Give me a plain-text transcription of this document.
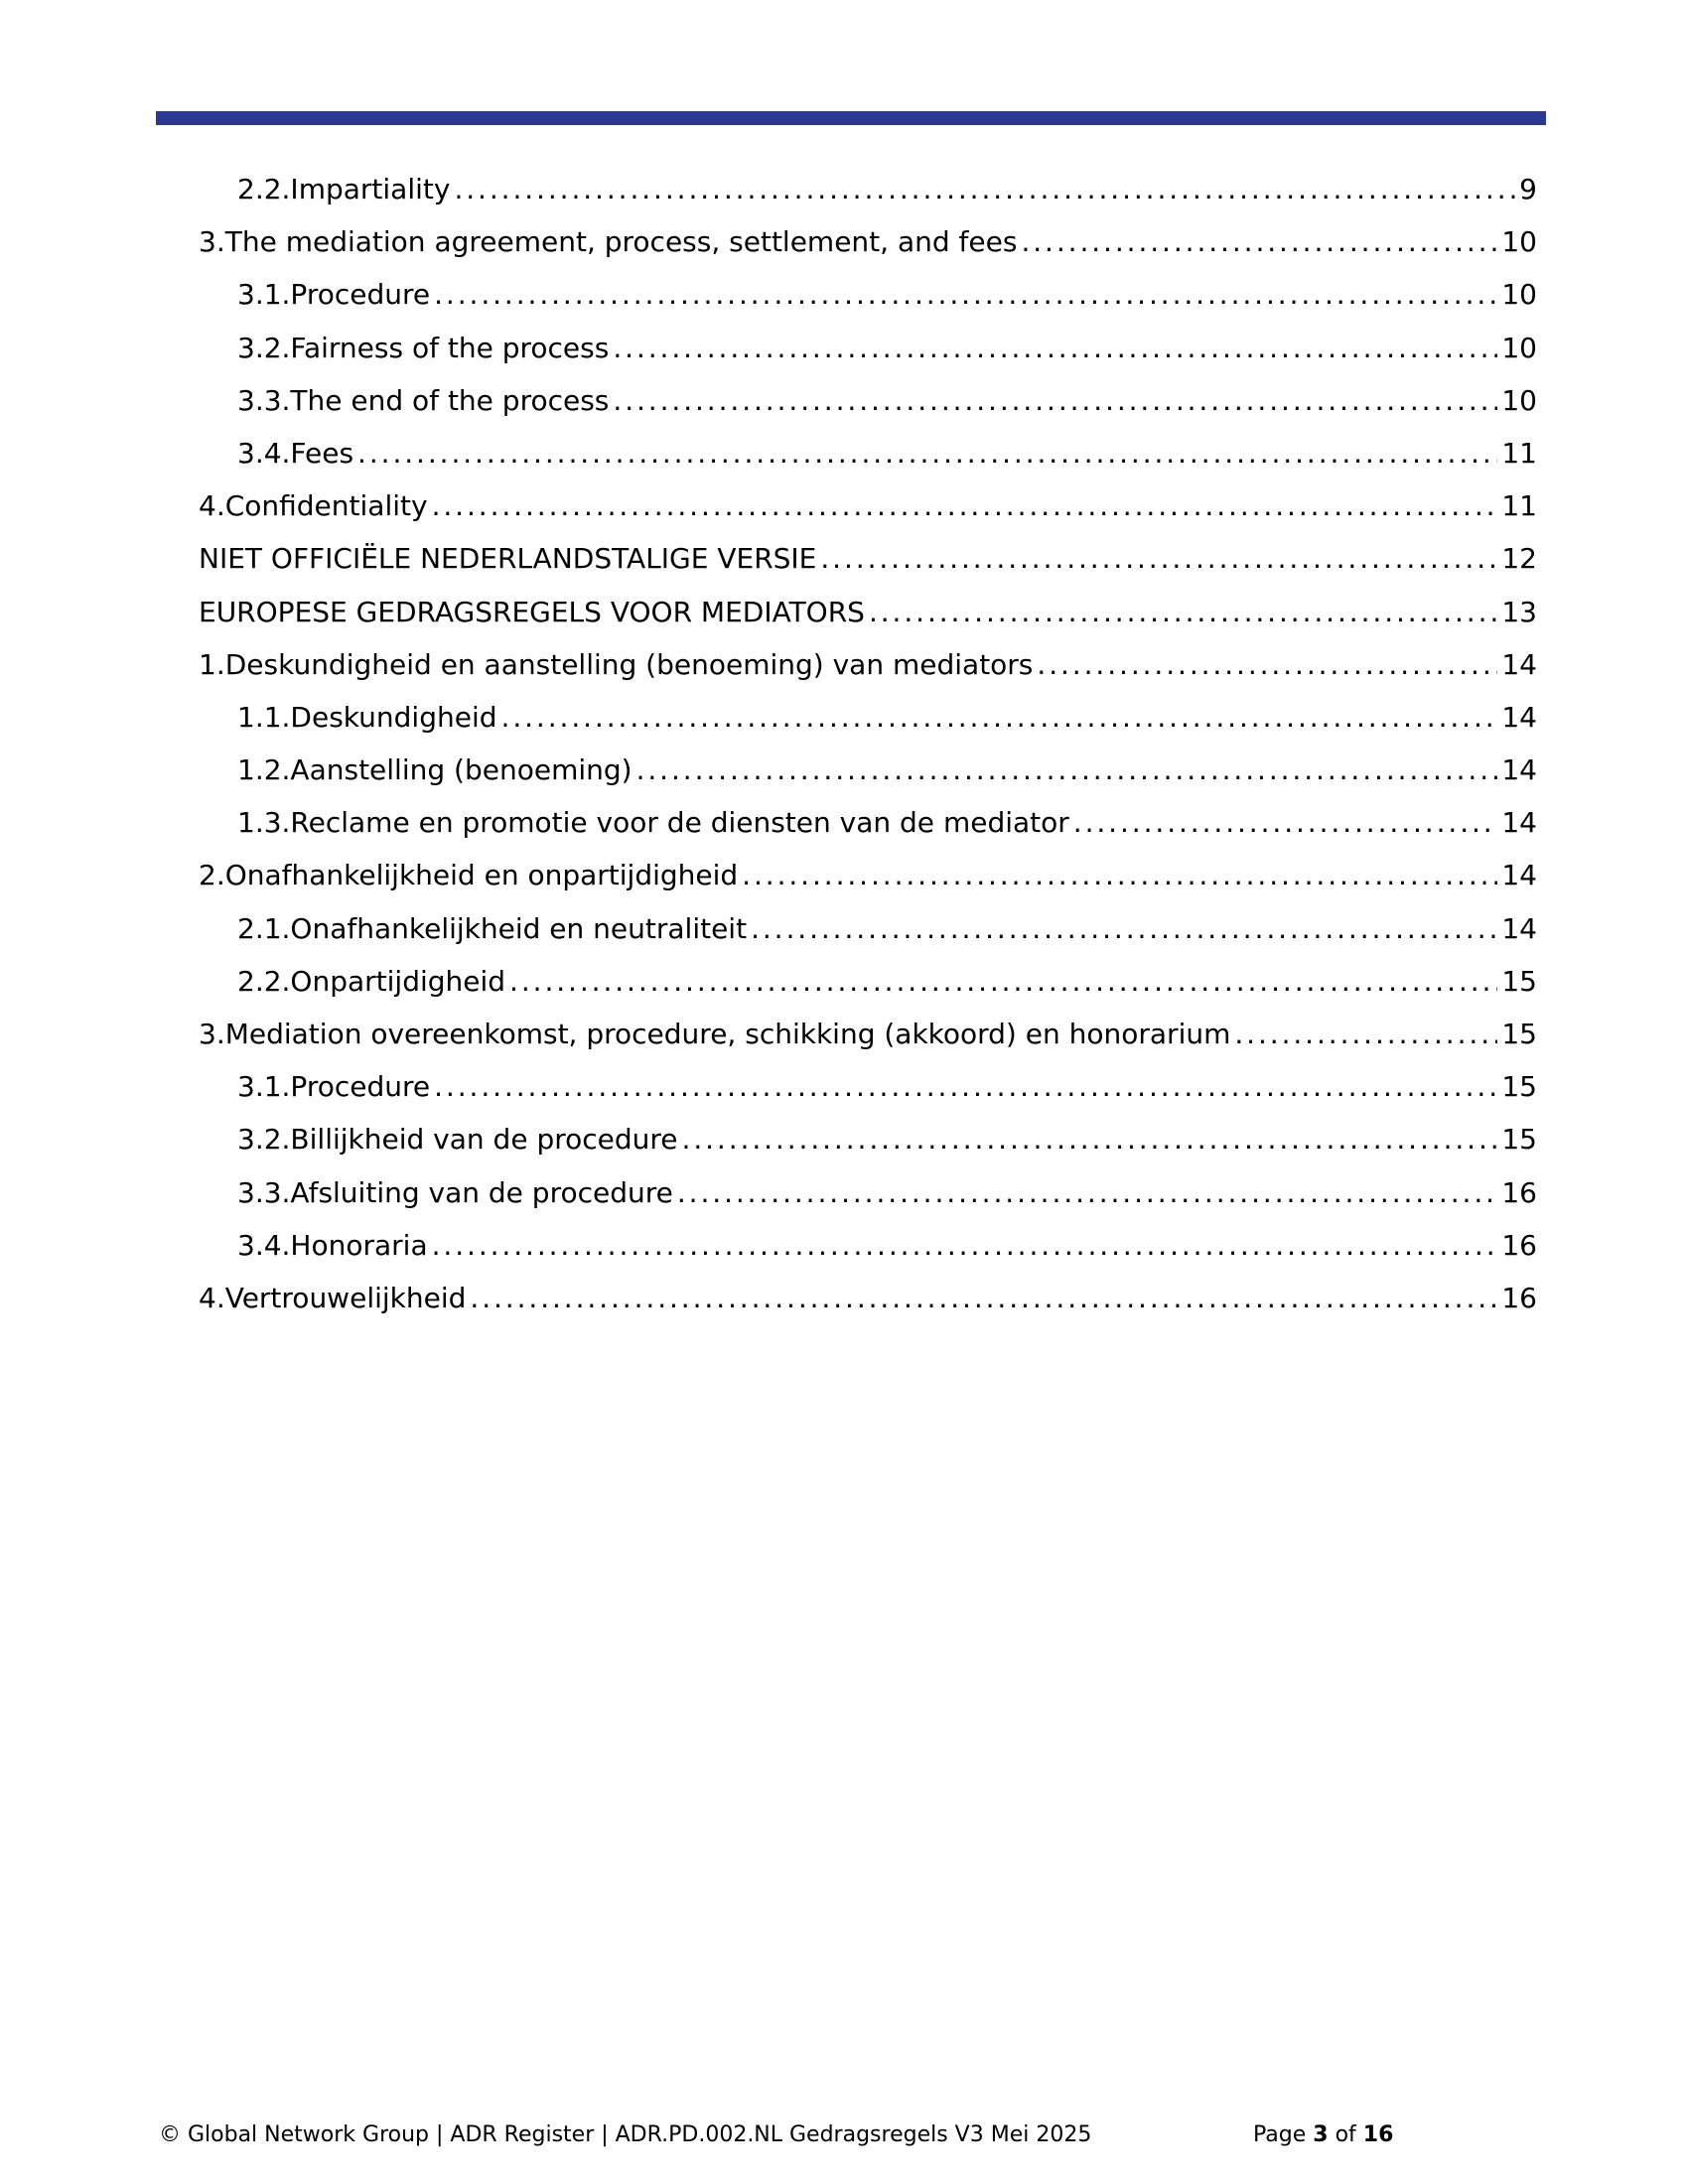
2.2.Impartiality . . .	9
3.The mediation agreement, process, settlement, and fees . . .	10
3.1.Procedure . . .	10
3.2.Fairness of the process . . .	10
3.3.The end of the process . . .	10
3.4.Fees . . .	11
4.Confidentiality . . .	11
NIET OFFICIËLE NEDERLANDSTALIGE VERSIE . . .	12
EUROPESE GEDRAGSREGELS VOOR MEDIATORS . . .	13
1.Deskundigheid en aanstelling (benoeming) van mediators . . .	14
1.1.Deskundigheid . . .	14
1.2.Aanstelling (benoeming) . . .	14
1.3.Reclame en promotie voor de diensten van de mediator . . .	14
2.Onafhankelijkheid en onpartijdigheid . . .	14
2.1.Onafhankelijkheid en neutraliteit . . .	14
2.2.Onpartijdigheid . . .	15
3.Mediation overeenkomst, procedure, schikking (akkoord) en honorarium . . .	15
3.1.Procedure . . .	15
3.2.Billijkheid van de procedure . . .	15
3.3.Afsluiting van de procedure . . .	16
3.4.Honoraria . . .	16
4.Vertrouwelijkheid . . .	16
© Global Network Group | ADR Register | ADR.PD.002.NL Gedragsregels V3 Mei 2025	Page 3 of 16
